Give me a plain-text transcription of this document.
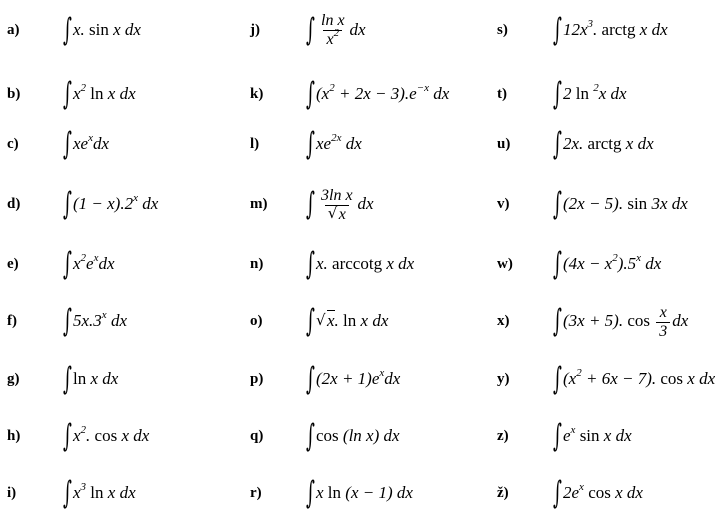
a) ∫ x. sin x dx
b) ∫ $x^2$ ln x dx
c) ∫ $xe^xdx$
d) ∫ $(1 - x).2^x$ dx
e) ∫ $x^2e^xdx$
f) ∫ 5x.3$^x$ dx
g) ∫ ln x dx
h) ∫ $x^2$. cos x dx
i) ∫ $x^3$ ln x dx
j) ∫ $\frac{\text{ln x}}{x^2}$ dx
k) ∫ $(x^2 + 2x - 3).e^{-x}$ dx
l) ∫ $xe^{2x}$ dx
m) ∫ 3ln x
√ x dx
n) ∫ x. arccotg x dx
o) ∫
√ x. ln x dx
p) ∫ $(2x + 1)e^xdx$
q) ∫ cos (ln x) dx
r) ∫ x ln (x − 1) dx
s) ∫ $12x^3$. arctg x dx
t) ∫ 2 ln $^2$x dx
u) ∫ 2x. arctg x dx
v) ∫ (2x − 5). sin 3x dx
w) ∫ $(4x - x^2).5^x$ dx
x) ∫ (3x + 5). $\cos \frac{x}{3}$ dx
y) ∫ $(x^2 + 6x - 7)$. cos x dx
z) ∫ $e^x$ sin x dx
ž) ∫ $2e^x$ cos x dx
